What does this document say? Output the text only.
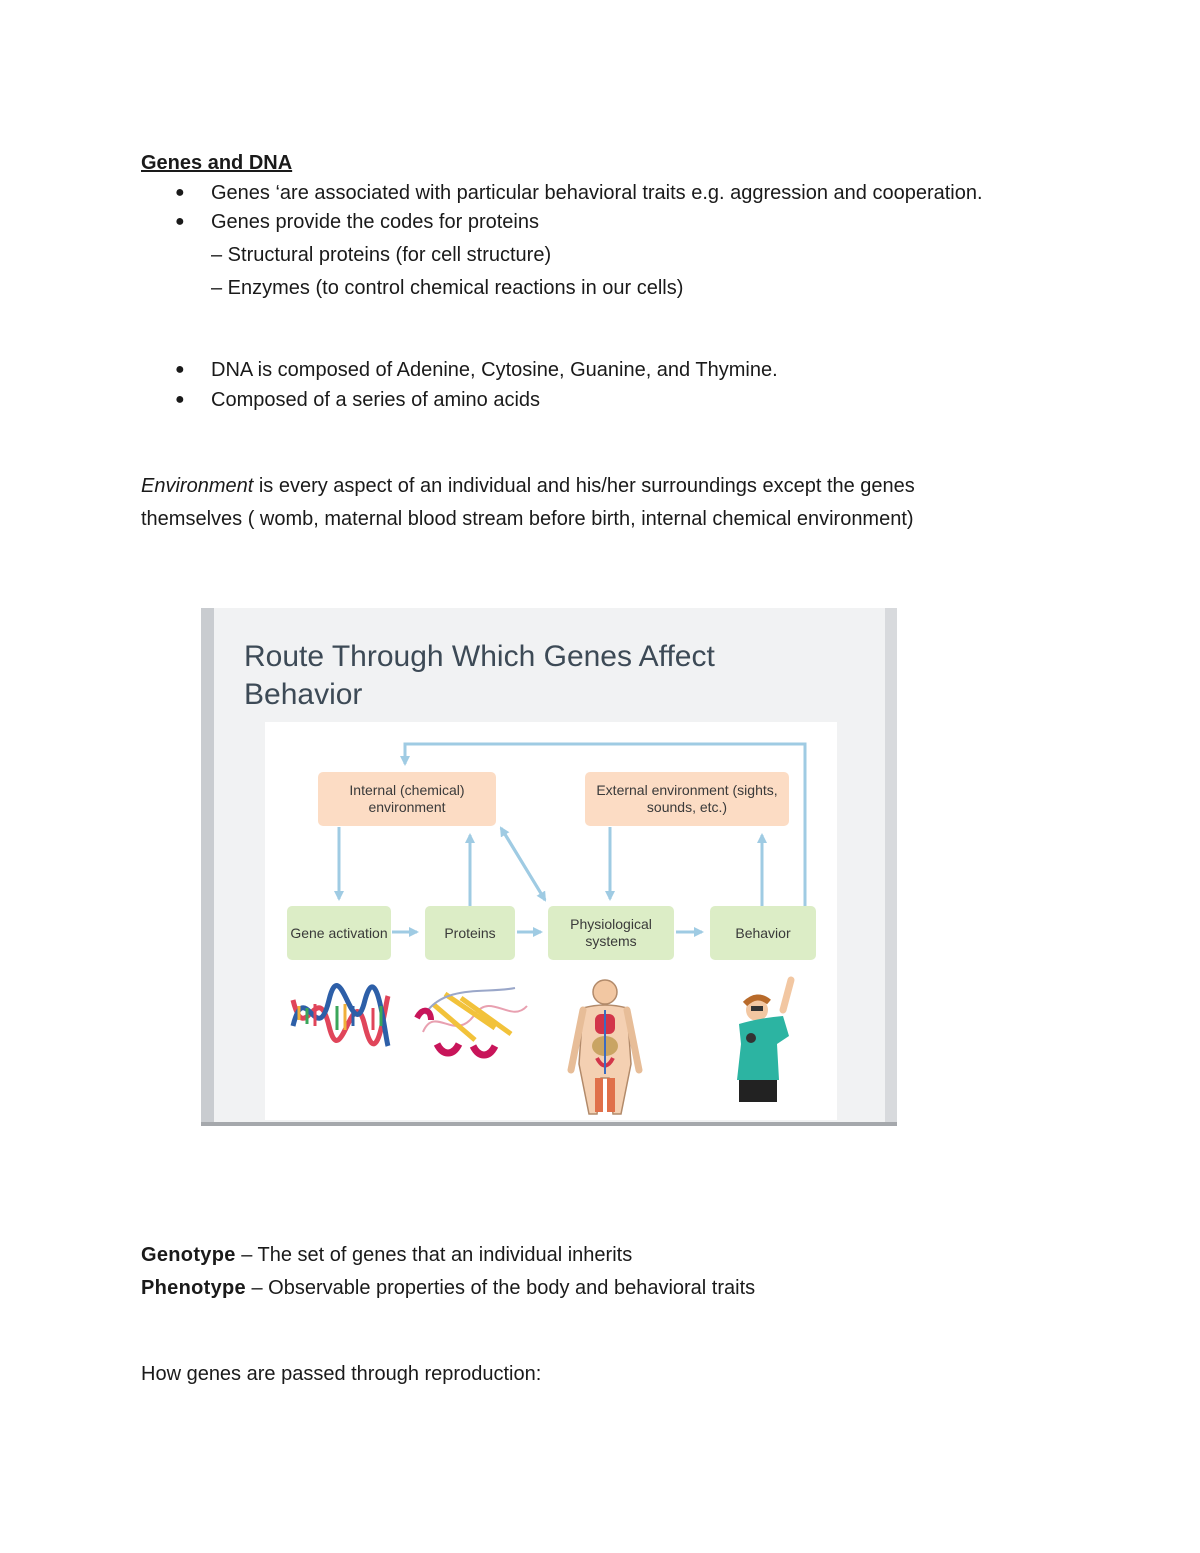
Genes and DNA
● Genes ‘are associated with particular behavioral traits e.g. aggression and cooperation.
● Genes provide the codes for proteins
– Structural proteins (for cell structure)
– Enzymes (to control chemical reactions in our cells)
● DNA is composed of Adenine, Cytosine, Guanine, and Thymine.
● Composed of a series of amino acids
Environment is every aspect of an individual and his/her surroundings except the genes
themselves ( womb, maternal blood stream before birth, internal chemical environment)
Route Through Which Genes Affect Behavior
Internal (chemical) environment
External environment (sights, sounds, etc.)
Gene activation	Proteins
Physiological systems
Behavior
Genotype – The set of genes that an individual inherits
Phenotype – Observable properties of the body and behavioral traits
How genes are passed through reproduction:
